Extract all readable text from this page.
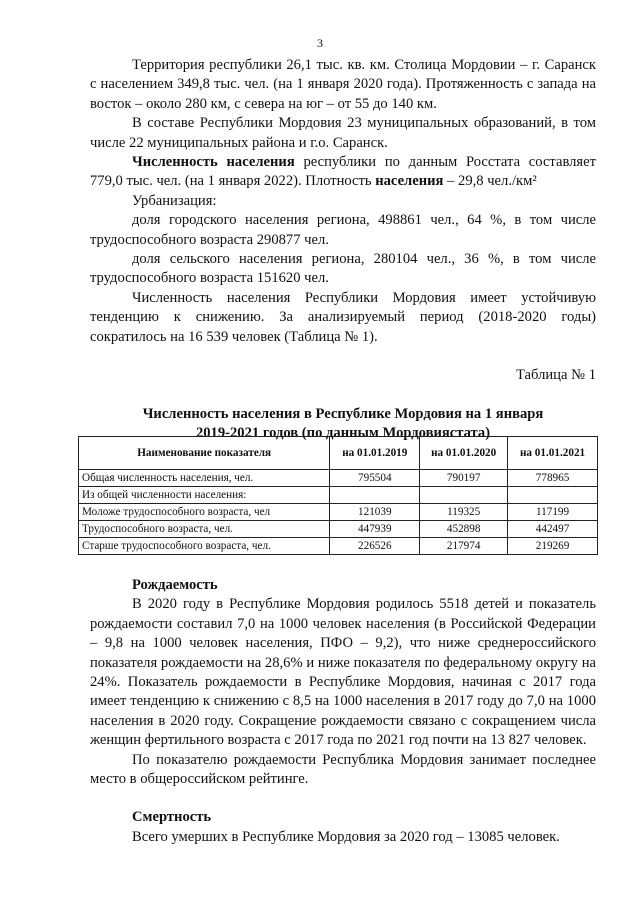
3

Территория республики 26,1 тыс. кв. км. Столица Мордовии – г. Саранск с населением 349,8 тыс. чел. (на 1 января 2020 года). Протяженность с запада на восток – около 280 км, с севера на юг – от 55 до 140 км.

В составе Республики Мордовия 23 муниципальных образований, в том числе 22 муниципальных района и г.о. Саранск.

Численность населения республики по данным Росстата составляет 779,0 тыс. чел. (на 1 января 2022). Плотность населения – 29,8 чел./км²

Урбанизация:

доля городского населения региона, 498861 чел., 64 %, в том числе трудоспособного возраста 290877 чел.

доля сельского населения региона, 280104 чел., 36 %, в том числе трудоспособного возраста 151620 чел.

Численность населения Республики Мордовия имеет устойчивую тенденцию к снижению. За анализируемый период (2018-2020 годы) сократилось на 16 539 человек (Таблица № 1).

Таблица № 1

Численность населения в Республике Мордовия на 1 января

2019-2021 годов (по данным Мордовиястата)

Наименование показателя	на 01.01.2019	на 01.01.2020	на 01.01.2021
Общая численность населения, чел.	795504	790197	778965
Из общей численности населения:			
Моложе трудоспособного возраста, чел	121039	119325	117199
Трудоспособного возраста, чел.	447939	452898	442497
Старше трудоспособного возраста, чел.	226526	217974	219269

Рождаемость

В 2020 году в Республике Мордовия родилось 5518 детей и показатель рождаемости составил 7,0 на 1000 человек населения (в Российской Федерации – 9,8 на 1000 человек населения, ПФО – 9,2), что ниже среднероссийского показателя рождаемости на 28,6% и ниже показателя по федеральному округу на 24%. Показатель рождаемости в Республике Мордовия, начиная с 2017 года имеет тенденцию к снижению с 8,5 на 1000 населения в 2017 году до 7,0 на 1000 населения в 2020 году. Сокращение рождаемости связано с сокращением числа женщин фертильного возраста с 2017 года по 2021 год почти на 13 827 человек.

По показателю рождаемости Республика Мордовия занимает последнее место в общероссийском рейтинге.

Смертность

Всего умерших в Республике Мордовия за 2020 год – 13085 человек.
